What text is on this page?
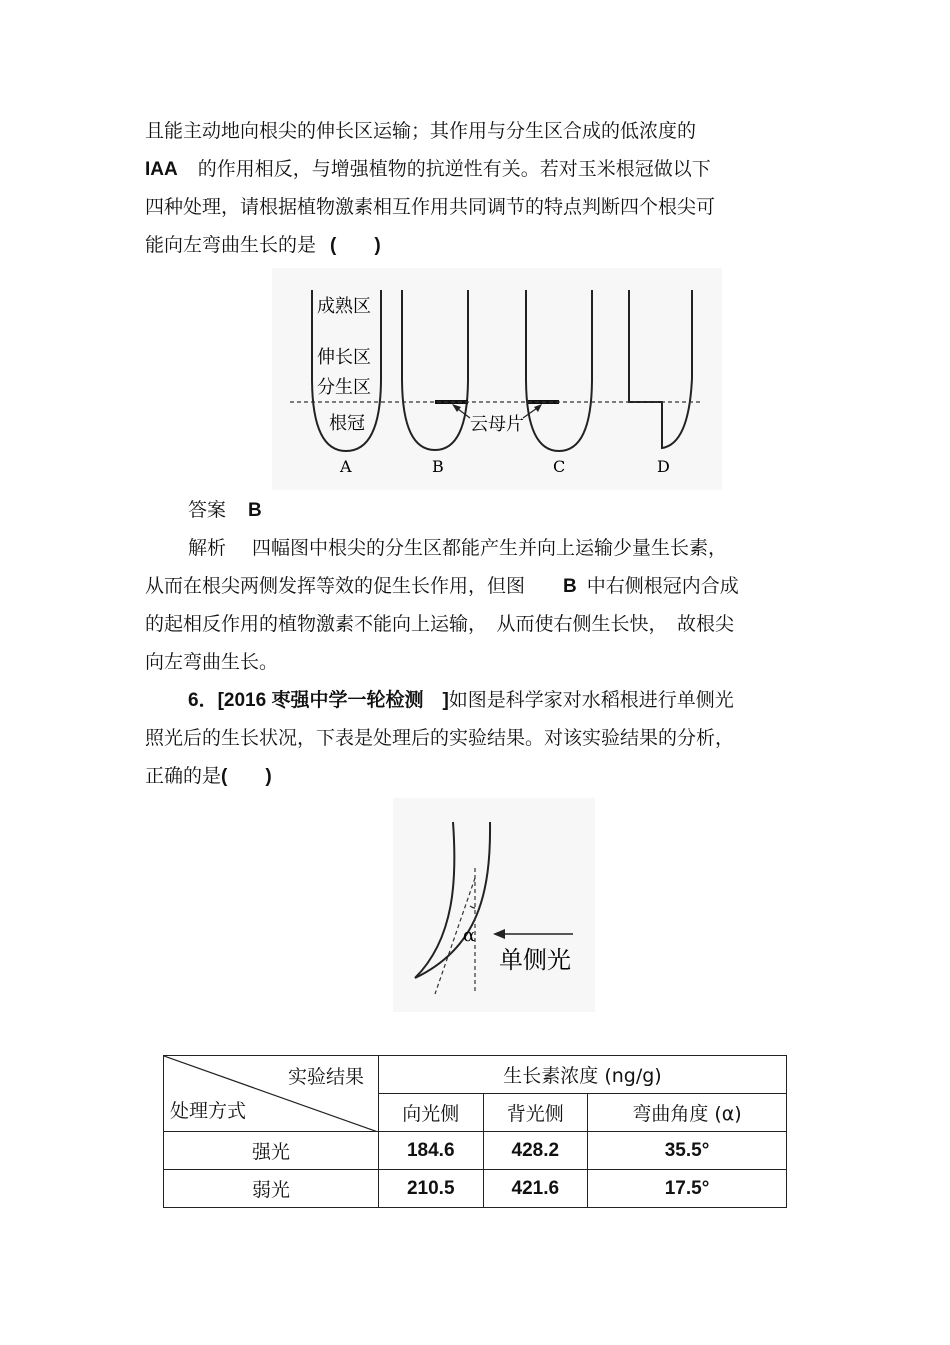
且能主动地向根尖的伸长区运输；其作用与分生区合成的低浓度的
IAA 的作用相反，与增强植物的抗逆性有关。若对玉米根冠做以下
四种处理，请根据植物激素相互作用共同调节的特点判断四个根尖可
能向左弯曲生长的是 (　　)
成熟区
伸长区
分生区
根冠	云母片
A	B	C	D
答案 B
解析 四幅图中根尖的分生区都能产生并向上运输少量生长素，
从而在根尖两侧发挥等效的促生长作用，但图 B 中右侧根冠内合成
的起相反作用的植物激素不能向上运输，　从而使右侧生长快，　故根尖
向左弯曲生长。
6．[2016 枣强中学一轮检测　]如图是科学家对水稻根进行单侧光
照光后的生长状况，下表是处理后的实验结果。对该实验结果的分析，
正确的是(　　)
α
单侧光
实验结果
处理方式	生长素浓度 (ng/g)		
	向光侧	背光侧	弯曲角度 (α)
强光	184.6	428.2	35.5°
弱光	210.5	421.6	17.5°
